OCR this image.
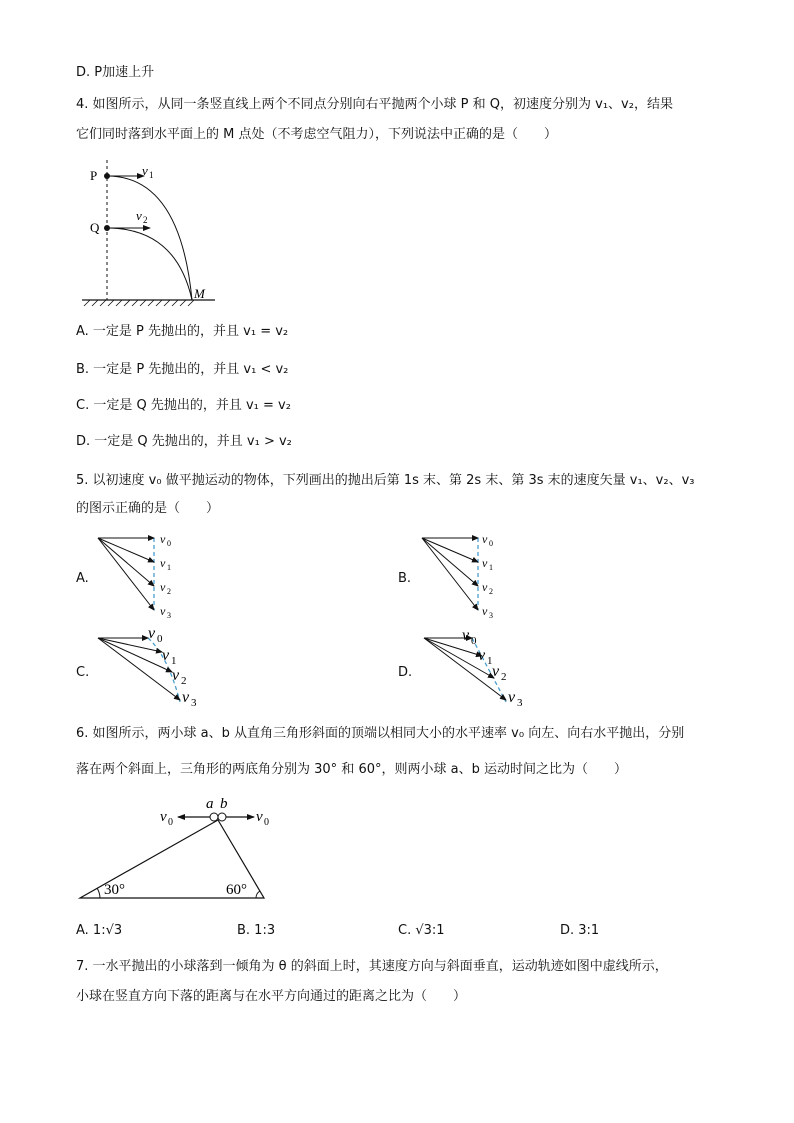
D. P加速上升
4. 如图所示，从同一条竖直线上两个不同点分别向右平抛两个小球 P 和 Q，初速度分别为 v₁、v₂，结果
它们同时落到水平面上的 M 点处（不考虑空气阻力），下列说法中正确的是（　　）
P
Q
M
v 1
v 2
A. 一定是 P 先抛出的，并且 v₁ = v₂
B. 一定是 P 先抛出的，并且 v₁ < v₂
C. 一定是 Q 先抛出的，并且 v₁ = v₂
D. 一定是 Q 先抛出的，并且 v₁ > v₂
5. 以初速度 v₀ 做平抛运动的物体，下列画出的抛出后第 1s 末、第 2s 末、第 3s 末的速度矢量 v₁、v₂、v₃
的图示正确的是（　　）
A.
v 0
v 1
v 2
v 3
B.
v 0
v 1
v 2
v 3
C.
v 0
v 1
v 2
v 3
D.
v 0
v 1
v 2
v 3
6. 如图所示，两小球 a、b 从直角三角形斜面的顶端以相同大小的水平速率 v₀ 向左、向右水平抛出，分别
落在两个斜面上，三角形的两底角分别为 30° 和 60°，则两小球 a、b 运动时间之比为（　　）
a b
v 0	v 0
30°	60°
A. 1:√3	B. 1:3	C. √3:1	D. 3:1
7. 一水平抛出的小球落到一倾角为 θ 的斜面上时，其速度方向与斜面垂直，运动轨迹如图中虚线所示，
小球在竖直方向下落的距离与在水平方向通过的距离之比为（　　）
